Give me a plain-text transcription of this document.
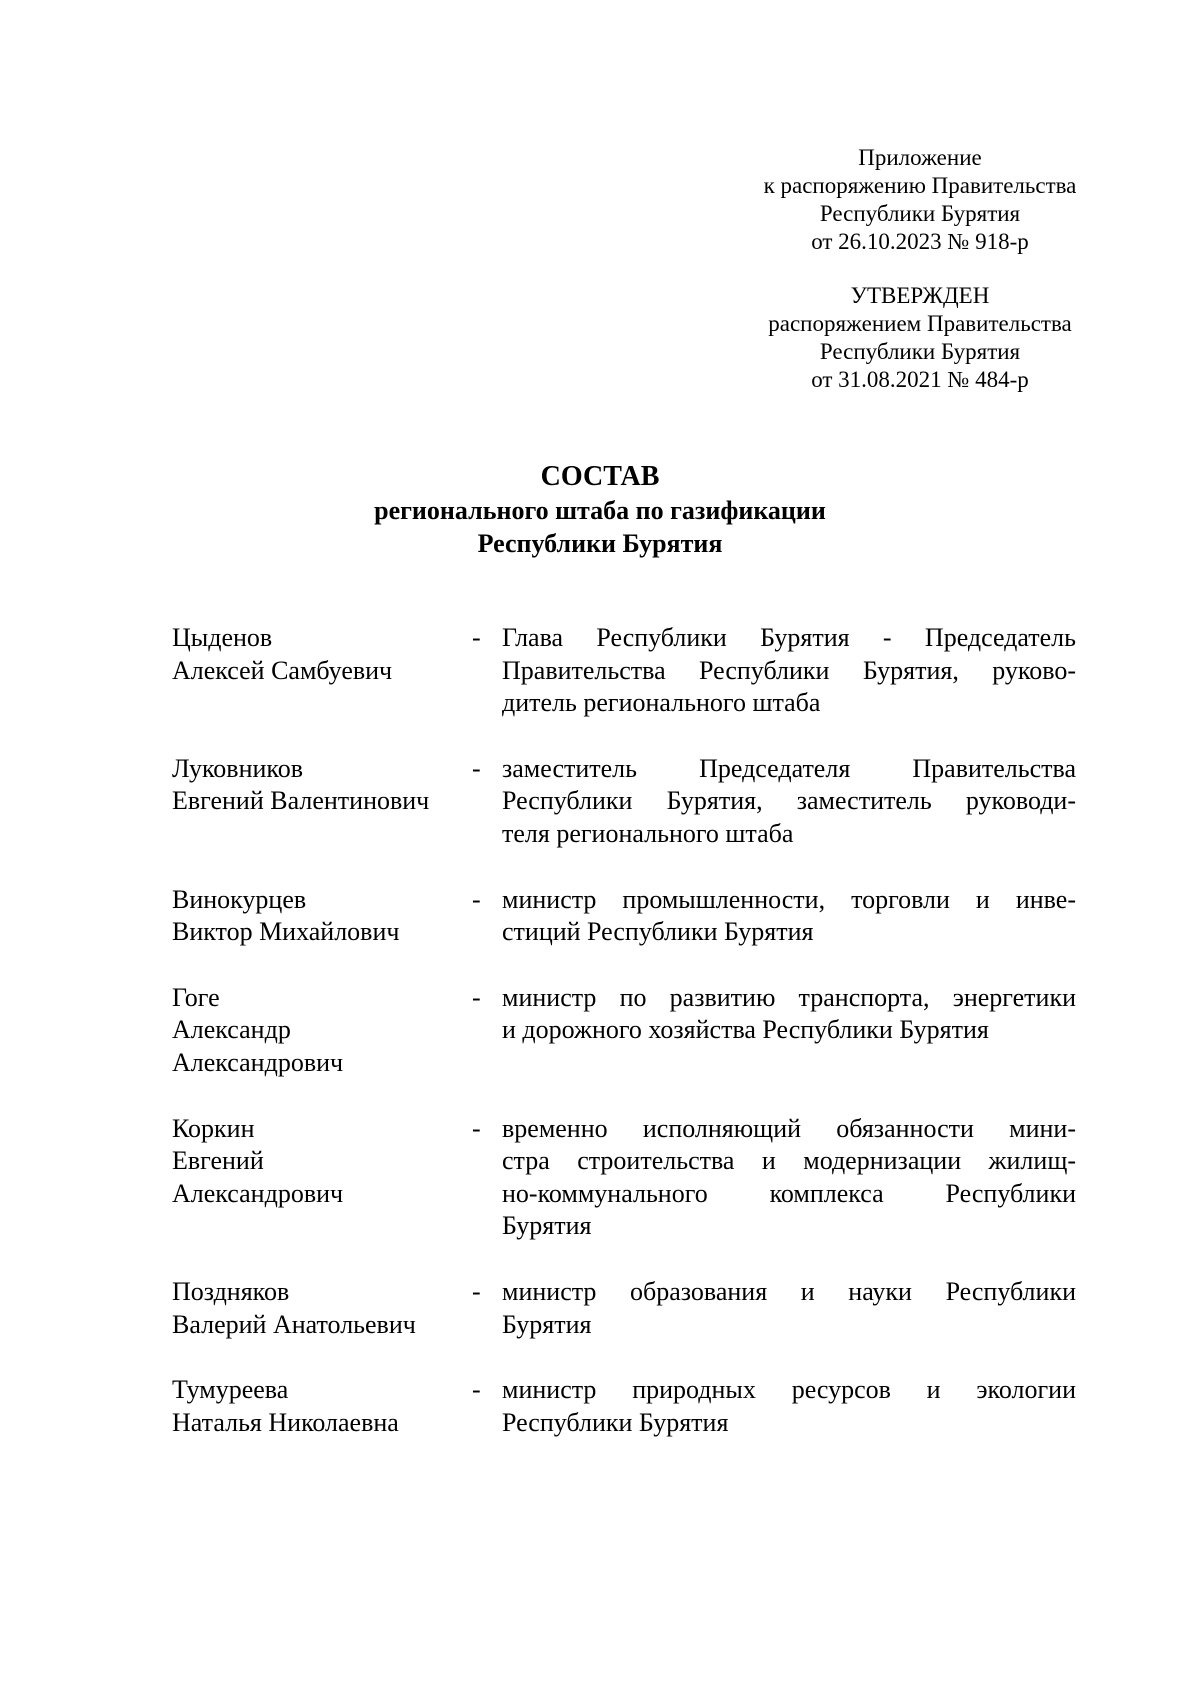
Приложение
к распоряжению Правительства
Республики Бурятия
от 26.10.2023 № 918-р
УТВЕРЖДЕН
распоряжением Правительства
Республики Бурятия
от 31.08.2021 № 484-р
СОСТАВ
регионального штаба по газификации
Республики Бурятия
Цыденов
Алексей Самбуевич
- Глава Республики Бурятия - Председатель
Правительства Республики Бурятия, руково-
дитель регионального штаба
Луковников
Евгений Валентинович
- заместитель Председателя Правительства
Республики Бурятия, заместитель руководи-
теля регионального штаба
Винокурцев
Виктор Михайлович
- министр промышленности, торговли и инве-
стиций Республики Бурятия
Гоге
Александр
Александрович
- министр по развитию транспорта, энергетики
и дорожного хозяйства Республики Бурятия
Коркин
Евгений
Александрович
- временно исполняющий обязанности мини-
стра строительства и модернизации жилищ-
но-коммунального комплекса Республики
Бурятия
Поздняков
Валерий Анатольевич
- министр образования и науки Республики
Бурятия
Тумуреева
Наталья Николаевна
- министр природных ресурсов и экологии
Республики Бурятия
